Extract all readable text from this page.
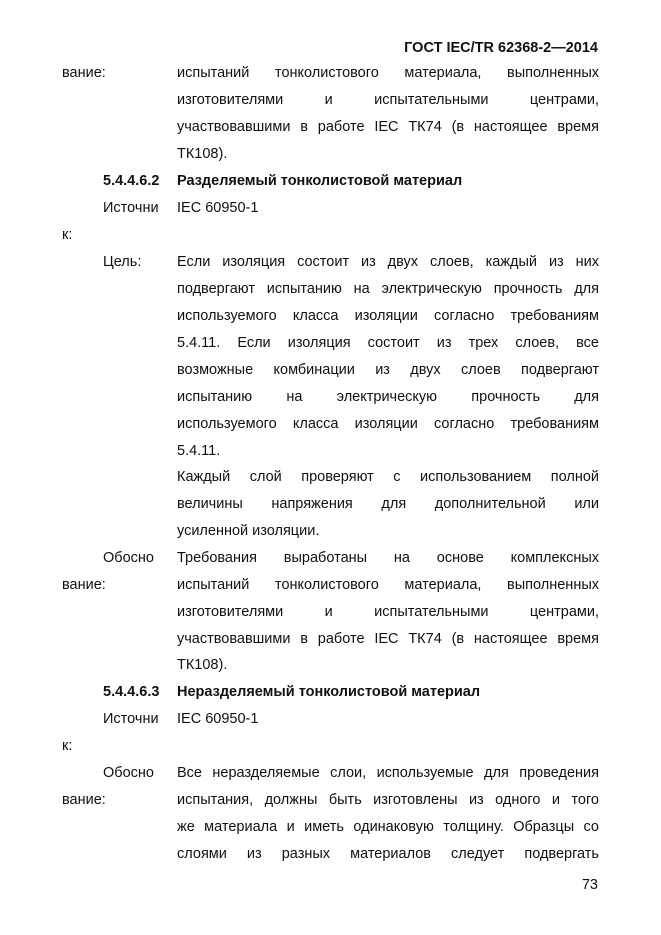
ГОСТ IEC/TR 62368-2—2014
вание:	испытаний тонколистового материала, выполненных
изготовителями и испытательными центрами,
участвовавшими в работе IEC ТК74 (в настоящее время
ТК108).
5.4.4.6.2 Разделяемый тонколистовой материал
Источни IEC 60950-1
к:
Цель: Если изоляция состоит из двух слоев, каждый из них
подвергают испытанию на электрическую прочность для
используемого класса изоляции согласно требованиям
5.4.11. Если изоляция состоит из трех слоев, все
возможные комбинации из двух слоев подвергают
испытанию на электрическую прочность для
используемого класса изоляции согласно требованиям
5.4.11.
Каждый слой проверяют с использованием полной
величины напряжения для дополнительной или
усиленной изоляции.
Обосно
вание:
Требования выработаны на основе комплексных
испытаний тонколистового материала, выполненных
изготовителями и испытательными центрами,
участвовавшими в работе IEC ТК74 (в настоящее время
ТК108).
5.4.4.6.3 Неразделяемый тонколистовой материал
Источни IEC 60950-1
к:
Обосно
вание:
Все неразделяемые слои, используемые для проведения
испытания, должны быть изготовлены из одного и того
же материала и иметь одинаковую толщину. Образцы со
слоями из разных материалов следует подвергать
73
